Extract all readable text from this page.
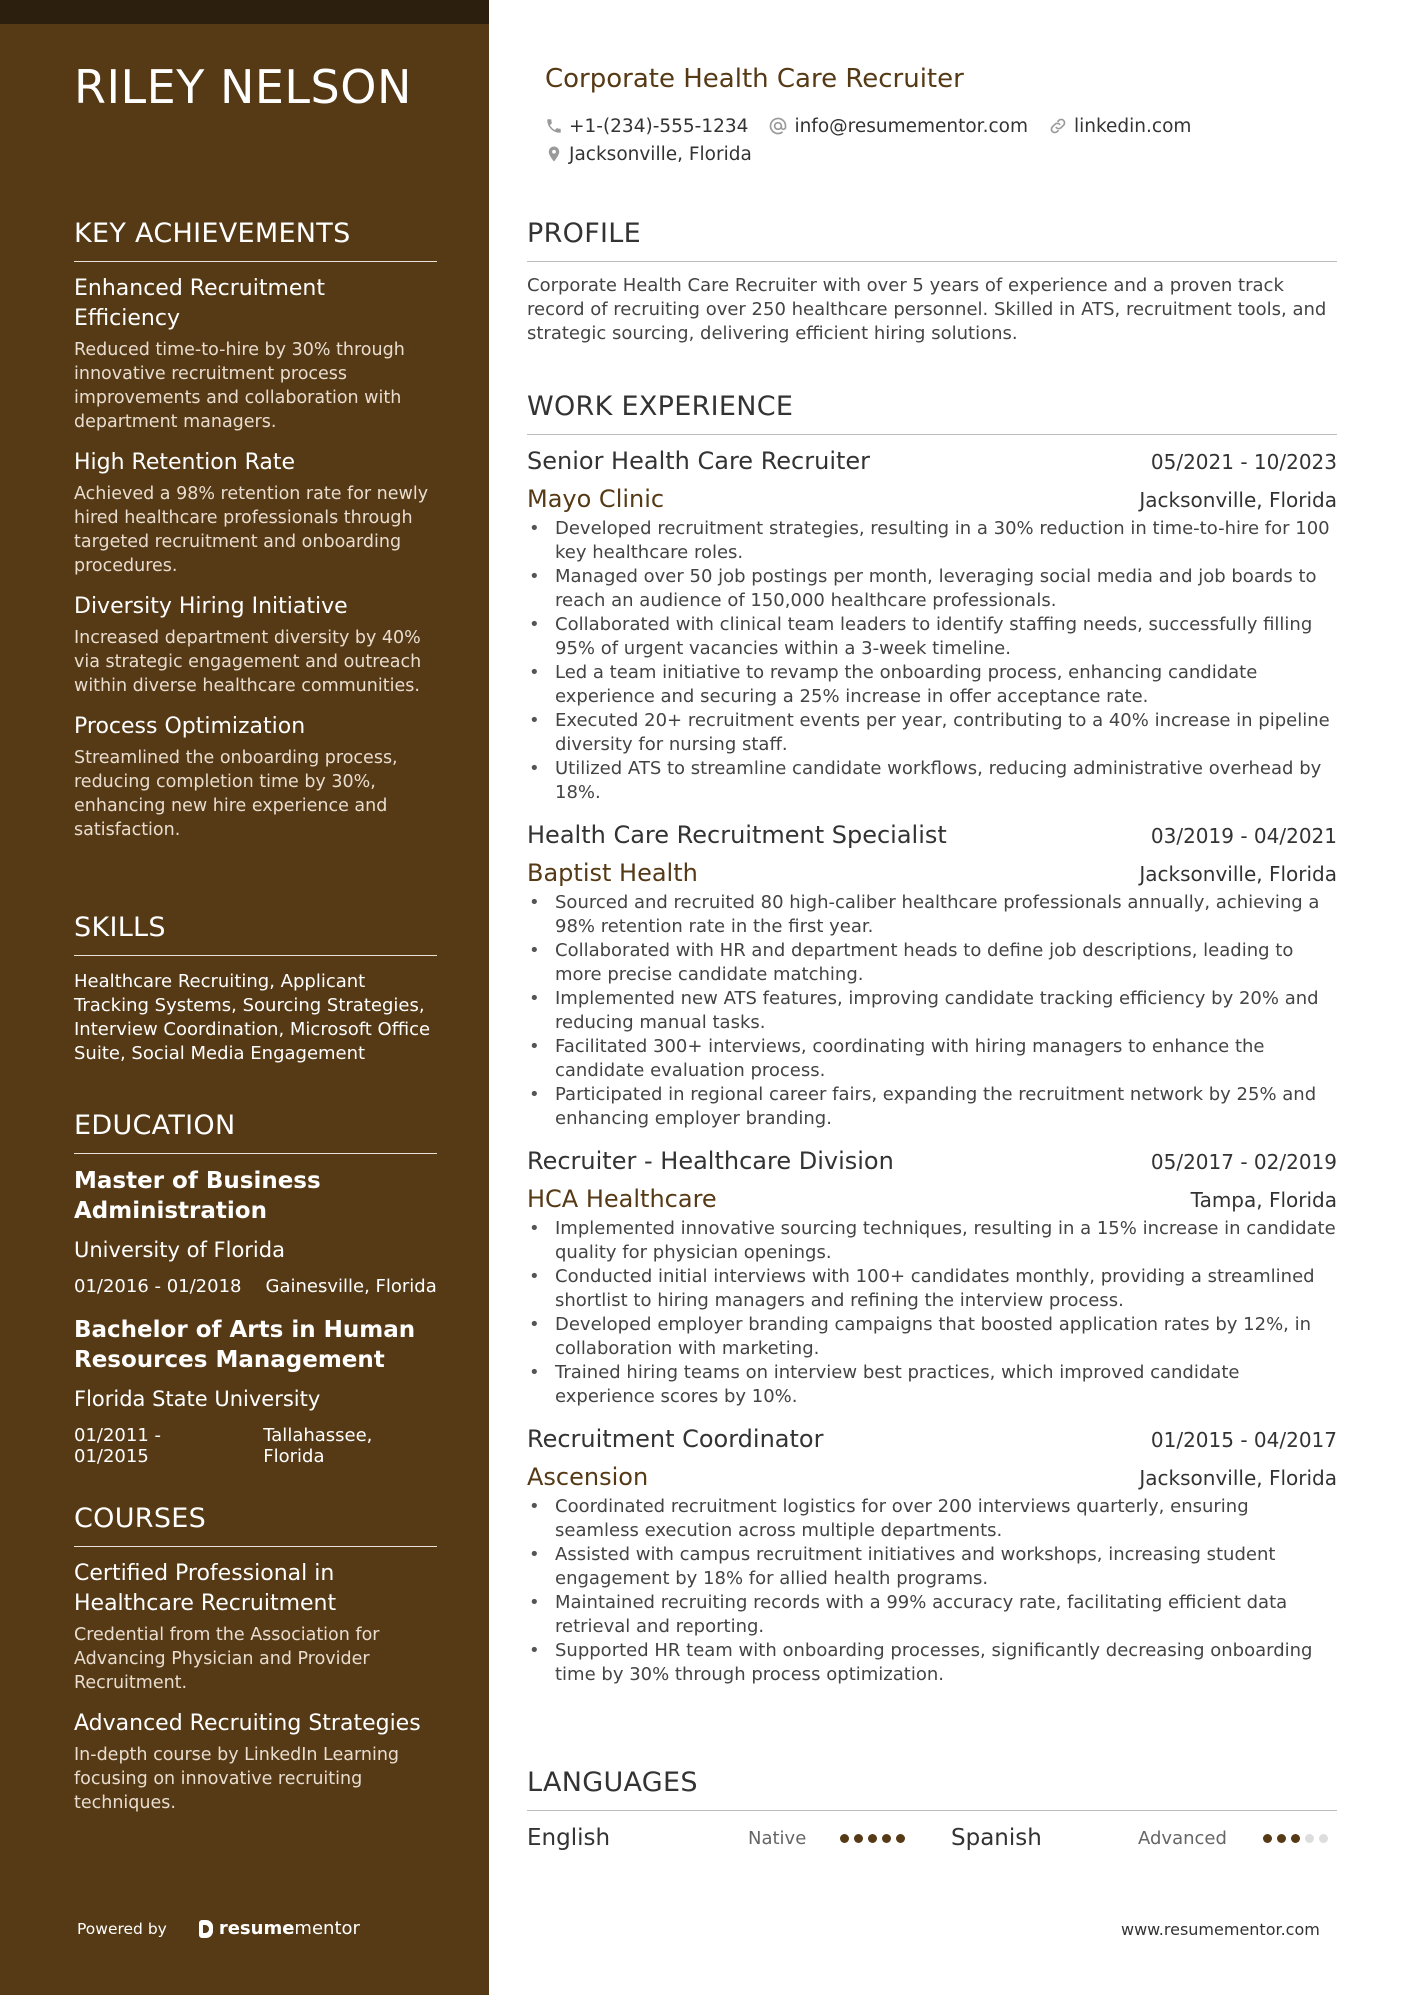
RILEY NELSON
KEY ACHIEVEMENTS
Enhanced Recruitment Efficiency
Reduced time-to-hire by 30% through innovative recruitment process improvements and collaboration with department managers.
High Retention Rate
Achieved a 98% retention rate for newly hired healthcare professionals through targeted recruitment and onboarding procedures.
Diversity Hiring Initiative
Increased department diversity by 40% via strategic engagement and outreach within diverse healthcare communities.
Process Optimization
Streamlined the onboarding process, reducing completion time by 30%, enhancing new hire experience and satisfaction.
SKILLS
Healthcare Recruiting, Applicant Tracking Systems, Sourcing Strategies, Interview Coordination, Microsoft Office Suite, Social Media Engagement
EDUCATION
Master of Business Administration
University of Florida
01/2016 - 01/2018 Gainesville, Florida
Bachelor of Arts in Human Resources Management
Florida State University
01/2011 - 01/2015
Tallahassee, Florida
COURSES
Certified Professional in Healthcare Recruitment
Credential from the Association for Advancing Physician and Provider Recruitment.
Advanced Recruiting Strategies
In-depth course by LinkedIn Learning focusing on innovative recruiting techniques.
Powered by	resume mentor
Corporate Health Care Recruiter
+1-(234)-555-1234 info@resumementor.com linkedin.com
Jacksonville, Florida
PROFILE
Corporate Health Care Recruiter with over 5 years of experience and a proven track record of recruiting over 250 healthcare personnel. Skilled in ATS, recruitment tools, and strategic sourcing, delivering efficient hiring solutions.
WORK EXPERIENCE
Senior Health Care Recruiter	05/2021 - 10/2023
Mayo Clinic	Jacksonville, Florida
• Developed recruitment strategies, resulting in a 30% reduction in time-to-hire for 100 key healthcare roles.
• Managed over 50 job postings per month, leveraging social media and job boards to reach an audience of 150,000 healthcare professionals.
• Collaborated with clinical team leaders to identify staffing needs, successfully filling 95% of urgent vacancies within a 3-week timeline.
• Led a team initiative to revamp the onboarding process, enhancing candidate experience and securing a 25% increase in offer acceptance rate.
• Executed 20+ recruitment events per year, contributing to a 40% increase in pipeline diversity for nursing staff.
• Utilized ATS to streamline candidate workflows, reducing administrative overhead by 18%.
Health Care Recruitment Specialist	03/2019 - 04/2021
Baptist Health	Jacksonville, Florida
• Sourced and recruited 80 high-caliber healthcare professionals annually, achieving a 98% retention rate in the first year.
• Collaborated with HR and department heads to define job descriptions, leading to more precise candidate matching.
• Implemented new ATS features, improving candidate tracking efficiency by 20% and reducing manual tasks.
• Facilitated 300+ interviews, coordinating with hiring managers to enhance the candidate evaluation process.
• Participated in regional career fairs, expanding the recruitment network by 25% and enhancing employer branding.
Recruiter - Healthcare Division	05/2017 - 02/2019
HCA Healthcare	Tampa, Florida
• Implemented innovative sourcing techniques, resulting in a 15% increase in candidate quality for physician openings.
• Conducted initial interviews with 100+ candidates monthly, providing a streamlined shortlist to hiring managers and refining the interview process.
• Developed employer branding campaigns that boosted application rates by 12%, in collaboration with marketing.
• Trained hiring teams on interview best practices, which improved candidate experience scores by 10%.
Recruitment Coordinator	01/2015 - 04/2017
Ascension	Jacksonville, Florida
• Coordinated recruitment logistics for over 200 interviews quarterly, ensuring seamless execution across multiple departments.
• Assisted with campus recruitment initiatives and workshops, increasing student engagement by 18% for allied health programs.
• Maintained recruiting records with a 99% accuracy rate, facilitating efficient data retrieval and reporting.
• Supported HR team with onboarding processes, significantly decreasing onboarding time by 30% through process optimization.
LANGUAGES
English	Native	Spanish	Advanced
www.resumementor.com
